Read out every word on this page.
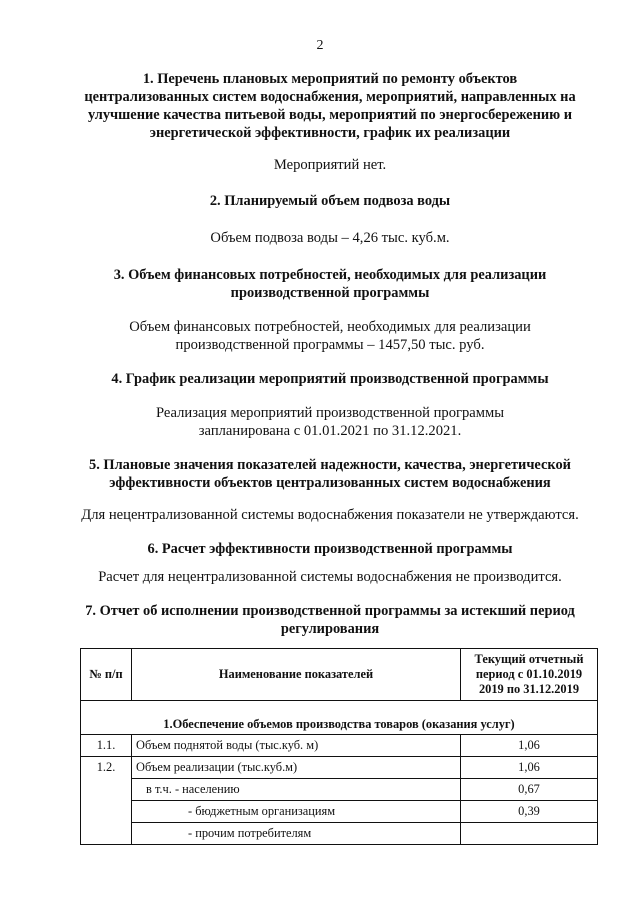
2
1. Перечень плановых мероприятий по ремонту объектов
централизованных систем водоснабжения, мероприятий, направленных на
улучшение качества питьевой воды, мероприятий по энергосбережению и
энергетической эффективности, график их реализации
Мероприятий нет.
2. Планируемый объем подвоза воды
Объем подвоза воды – 4,26 тыс. куб.м.
3. Объем финансовых потребностей, необходимых для реализации
производственной программы
Объем финансовых потребностей, необходимых для реализации
производственной программы – 1457,50 тыс. руб.
4. График реализации мероприятий производственной программы
Реализация мероприятий производственной программы
запланирована с 01.01.2021 по 31.12.2021.
5. Плановые значения показателей надежности, качества, энергетической
эффективности объектов централизованных систем водоснабжения
Для нецентрализованной системы водоснабжения показатели не утверждаются.
6. Расчет эффективности производственной программы
Расчет для нецентрализованной системы водоснабжения не производится.
7. Отчет об исполнении производственной программы за истекший период
регулирования
№ п/п	Наименование показателей	Текущий отчетный
период с 01.10.2019
2019 по 31.12.2019

1.Обеспечение объемов производства товаров (оказания услуг)		
1.1.	Объем поднятой воды (тыс.куб. м)	1,06
1.2.	Объем реализации (тыс.куб.м)	1,06
	в т.ч. - населению	0,67
	- бюджетным организациям	0,39
	- прочим потребителям	
